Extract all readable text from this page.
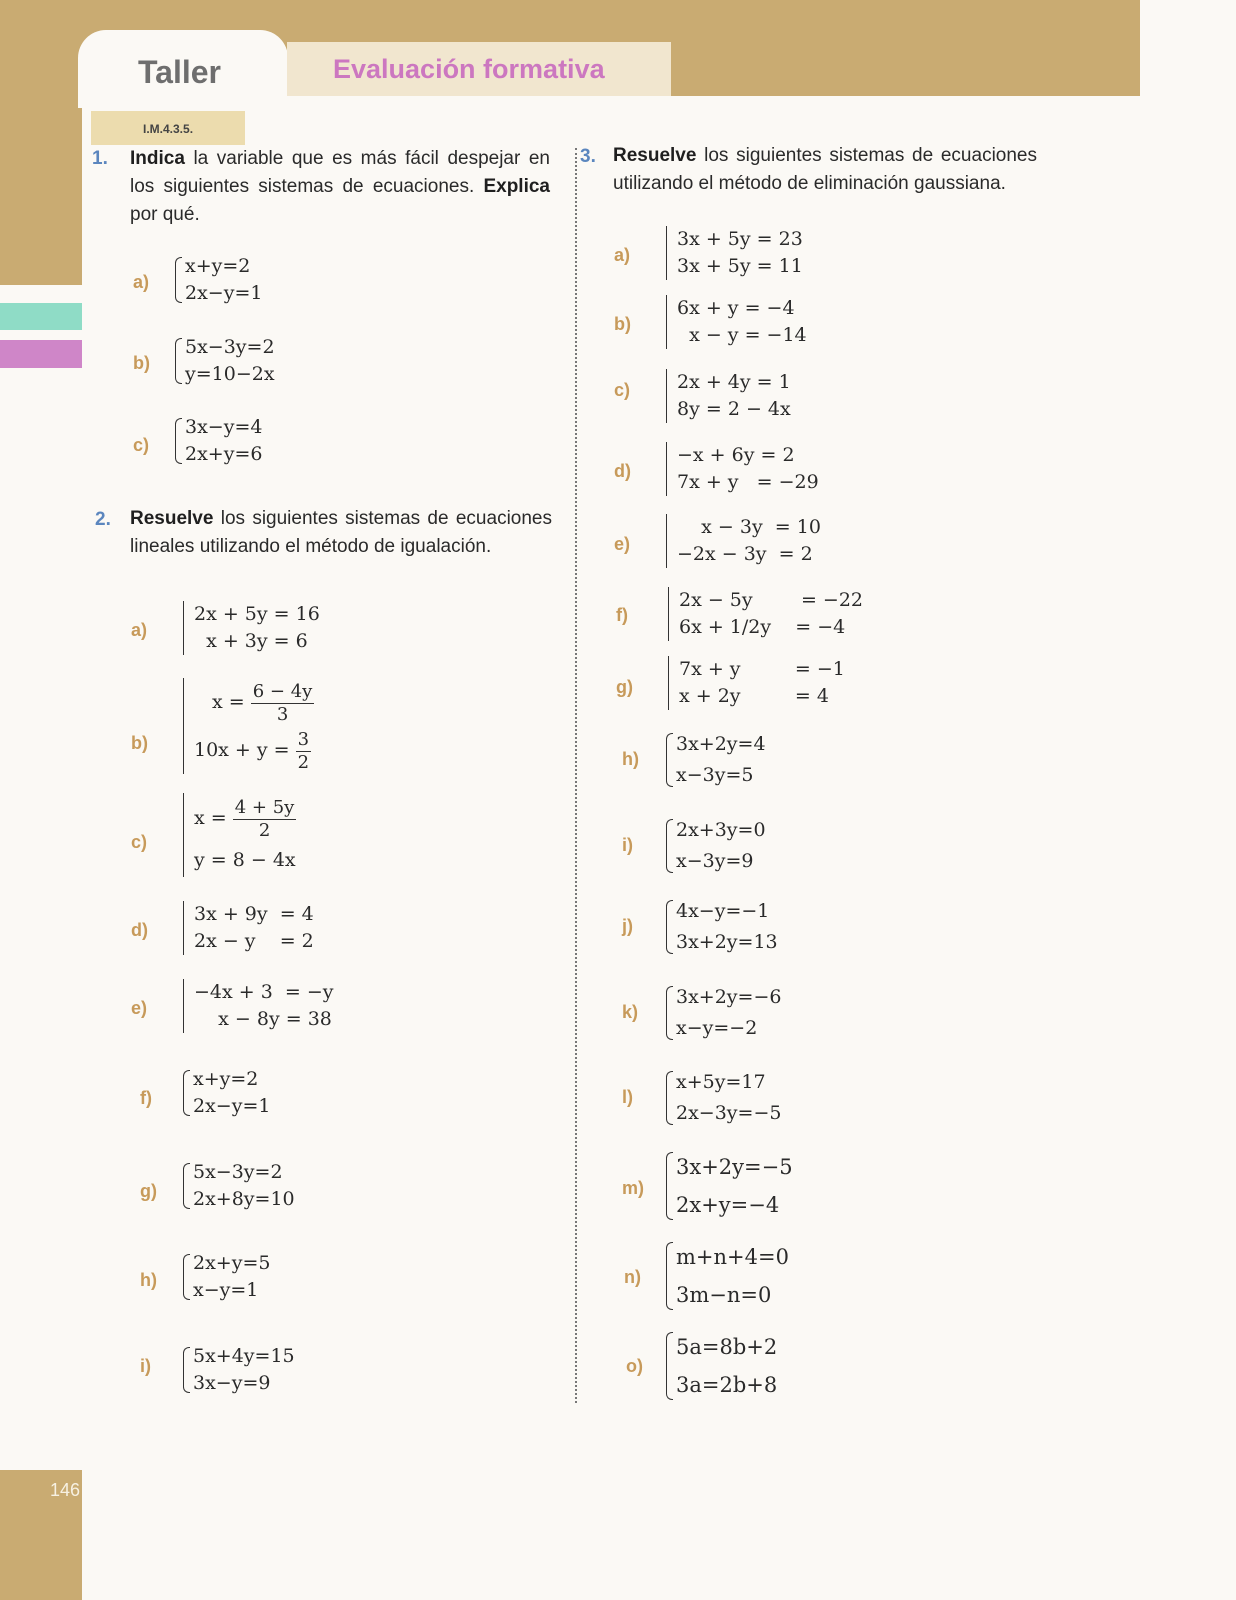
Taller	Evaluación formativa
I.M.4.3.5.
1. Indica la variable que es más fácil despejar en los siguientes sistemas de ecuaciones. Explica por qué.
a)
x+y=2
2x−y=1
b)
5x−3y=2
y=10−2x
c)
3x−y=4
2x+y=6
2. Resuelve los siguientes sistemas de ecuaciones lineales utilizando el método de igualación.
a)
2x + 5y = 16
x + 3y = 6
b)
$x = \frac{6 - 4y}{3}$
$10x + y = \frac{3}{2}$
c)
$x = \frac{4 + 5y}{2}$
y = 8 − 4x
d)
3x + 9y  = 4
2x − y    = 2
e)
−4x + 3  = −y
x − 8y = 38
f)
x+y=2
2x−y=1
g)
5x−3y=2
2x+8y=10
h)
2x+y=5
x−y=1
i) 5x+4y=15
3x−y=9
3. Resuelve los siguientes sistemas de ecuaciones utilizando el método de eliminación gaussiana.
a)
3x + 5y = 23
3x + 5y = 11
b)
6x + y = −4
x − y = −14
c) 2x + 4y = 1
8y = 2 − 4x
d)
−x + 6y = 2
7x + y   = −29
e)
x − 3y  = 10
−2x − 3y  = 2
f)
2x − 5y        = −22
6x + 1/2y    = −4
g)
7x + y         = −1
x + 2y         = 4
h)
3x+2y=4
x−3y=5
i)
2x+3y=0
x−3y=9
j)
4x−y=−1
3x+2y=13
k)
3x+2y=−6
x−y=−2
l)
x+5y=17
2x−3y=−5
m)
3x+2y=−5
2x+y=−4
n)
m+n+4=0
3m−n=0
o)
5a=8b+2
3a=2b+8
146
